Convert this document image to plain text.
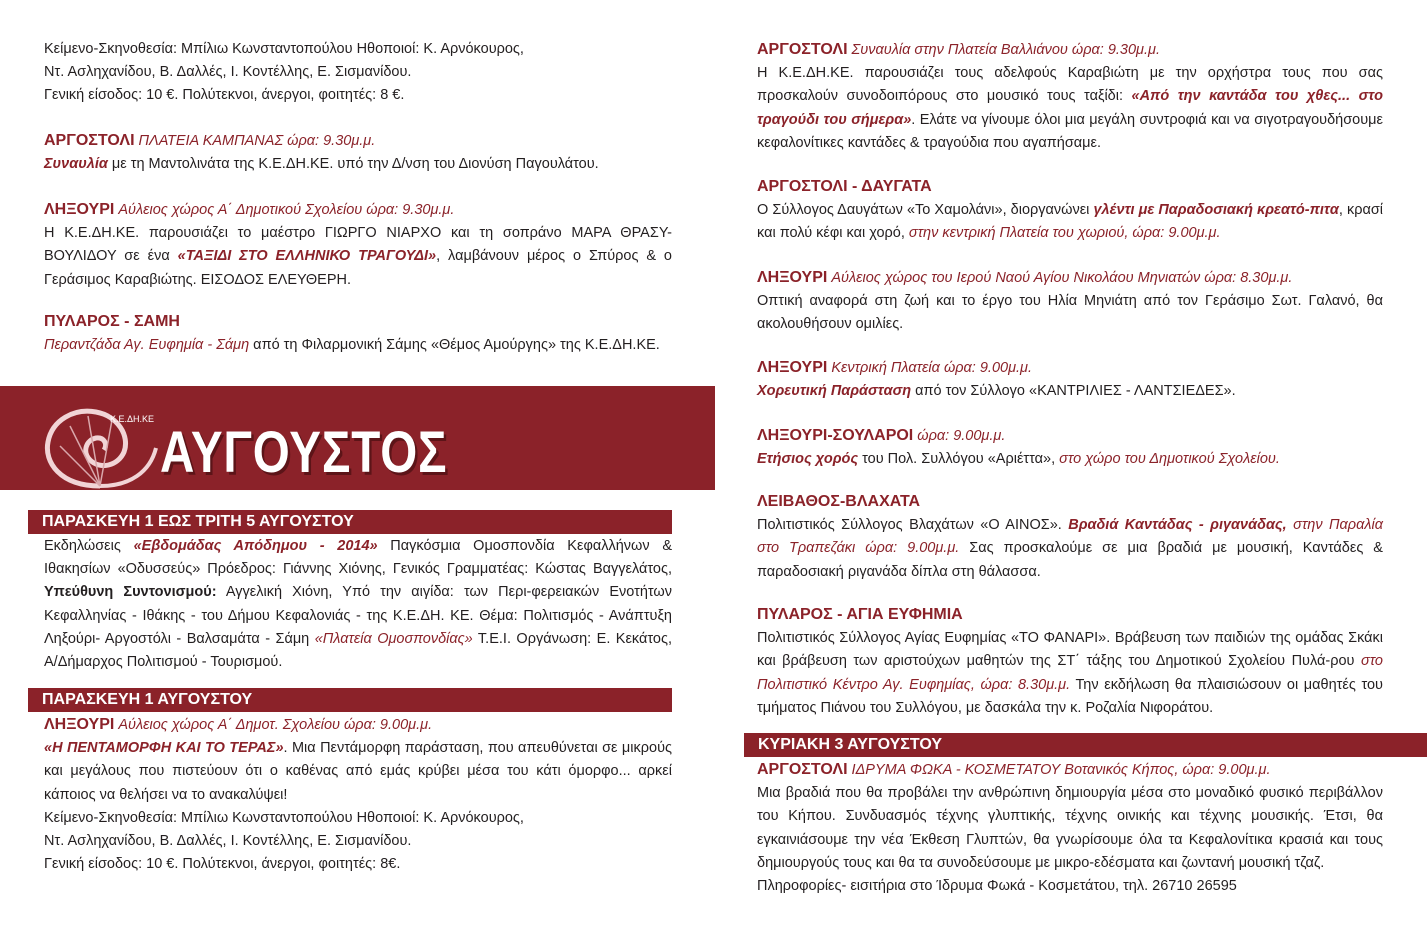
Κείμενο-Σκηνοθεσία: Μπίλιω Κωνσταντοπούλου Ηθοποιοί: Κ. Αρνόκουρος,
Ντ. Ασληχανίδου, Β. Δαλλές, Ι. Κοντέλλης, Ε. Σισμανίδου.
Γενική είσοδος: 10 €. Πολύτεκνοι, άνεργοι, φοιτητές: 8 €.
ΑΡΓΟΣΤΟΛΙ ΠΛΑΤΕΙΑ ΚΑΜΠΑΝΑΣ ώρα: 9.30μ.μ.
Συναυλία με τη Μαντολινάτα της Κ.Ε.ΔΗ.ΚΕ. υπό την Δ/νση του Διονύση Παγουλάτου.
ΛΗΞΟΥΡΙ Αύλειος χώρος Α΄ Δημοτικού Σχολείου ώρα: 9.30μ.μ.
Η Κ.Ε.ΔΗ.ΚΕ. παρουσιάζει το μαέστρο ΓΙΩΡΓΟ ΝΙΑΡΧΟ και τη σοπράνο ΜΑΡΑ ΘΡΑΣΥ-ΒΟΥΛΙΔΟΥ σε ένα «ΤΑΞΙΔΙ ΣΤΟ ΕΛΛΗΝΙΚΟ ΤΡΑΓΟΥΔΙ», λαμβάνουν μέρος ο Σπύρος & ο Γεράσιμος Καραβιώτης. ΕΙΣΟΔΟΣ ΕΛΕΥΘΕΡΗ.
ΠΥΛΑΡΟΣ - ΣΑΜΗ
Περαντζάδα Αγ. Ευφημία - Σάμη από τη Φιλαρμονική Σάμης «Θέμος Αμούργης» της Κ.Ε.ΔΗ.ΚΕ.
Κ.Ε.ΔΗ.ΚΕ
ΑΥΓΟΥΣΤΟΣ
ΠΑΡΑΣΚΕΥΗ 1 ΕΩΣ ΤΡΙΤΗ 5 ΑΥΓΟΥΣΤΟΥ
Εκδηλώσεις «Εβδομάδας Απόδημου - 2014» Παγκόσμια Ομοσπονδία Κεφαλλήνων & Ιθακησίων «Οδυσσεύς» Πρόεδρος: Γιάννης Χιόνης, Γενικός Γραμματέας: Κώστας Βαγγελάτος, Υπεύθυνη Συντονισμού: Αγγελική Χιόνη, Υπό την αιγίδα: των Περι-φερειακών Ενοτήτων Κεφαλληνίας - Ιθάκης - του Δήμου Κεφαλονιάς - της Κ.Ε.ΔΗ. ΚΕ. Θέμα: Πολιτισμός - Ανάπτυξη Ληξούρι- Αργοστόλι - Βαλσαμάτα - Σάμη «Πλατεία Ομοσπονδίας» Τ.Ε.Ι. Οργάνωση: Ε. Κεκάτος, Α/Δήμαρχος Πολιτισμού - Τουρισμού.
ΠΑΡΑΣΚΕΥΗ 1 ΑΥΓΟΥΣΤΟΥ
ΛΗΞΟΥΡΙ Αύλειος χώρος Α΄ Δημοτ. Σχολείου ώρα: 9.00μ.μ.
«Η ΠΕΝΤΑΜΟΡΦΗ ΚΑΙ ΤΟ ΤΕΡΑΣ». Μια Πεντάμορφη παράσταση, που απευθύνεται σε μικρούς και μεγάλους που πιστεύουν ότι ο καθένας από εμάς κρύβει μέσα του κάτι όμορφο... αρκεί κάποιος να θελήσει να το ανακαλύψει!
Κείμενο-Σκηνοθεσία: Μπίλιω Κωνσταντοπούλου Ηθοποιοί: Κ. Αρνόκουρος,
Ντ. Ασληχανίδου, Β. Δαλλές, Ι. Κοντέλλης, Ε. Σισμανίδου.
Γενική είσοδος: 10 €. Πολύτεκνοι, άνεργοι, φοιτητές: 8€.
ΑΡΓΟΣΤΟΛΙ Συναυλία στην Πλατεία Βαλλιάνου ώρα: 9.30μ.μ.
Η Κ.Ε.ΔΗ.ΚΕ. παρουσιάζει τους αδελφούς Καραβιώτη με την ορχήστρα τους που σας προσκαλούν συνοδοιπόρους στο μουσικό τους ταξίδι: «Από την καντάδα του χθες... στο τραγούδι του σήμερα». Ελάτε να γίνουμε όλοι μια μεγάλη συντροφιά και να σιγοτραγουδήσουμε κεφαλονίτικες καντάδες & τραγούδια που αγαπήσαμε.
ΑΡΓΟΣΤΟΛΙ - ΔΑΥΓΑΤΑ
Ο Σύλλογος Δαυγάτων «Το Χαμολάνι», διοργανώνει γλέντι με Παραδοσιακή κρεατό-πιτα, κρασί και πολύ κέφι και χορό, στην κεντρική Πλατεία του χωριού, ώρα: 9.00μ.μ.
ΛΗΞΟΥΡΙ Αύλειος χώρος του Ιερού Ναού Αγίου Νικολάου Μηνιατών ώρα: 8.30μ.μ.
Οπτική αναφορά στη ζωή και το έργο του Ηλία Μηνιάτη από τον Γεράσιμο Σωτ. Γαλανό, θα ακολουθήσουν ομιλίες.
ΛΗΞΟΥΡΙ Κεντρική Πλατεία ώρα: 9.00μ.μ.
Χορευτική Παράσταση από τον Σύλλογο «ΚΑΝΤΡΙΛΙΕΣ - ΛΑΝΤΣΙΕΔΕΣ».
ΛΗΞΟΥΡΙ-ΣΟΥΛΑΡΟΙ ώρα: 9.00μ.μ.
Ετήσιος χορός του Πολ. Συλλόγου «Αριέττα», στο χώρο του Δημοτικού Σχολείου.
ΛΕΙΒΑΘΟΣ-ΒΛΑΧΑΤΑ
Πολιτιστικός Σύλλογος Βλαχάτων «Ο ΑΙΝΟΣ». Βραδιά Καντάδας - ριγανάδας, στην Παραλία στο Τραπεζάκι ώρα: 9.00μ.μ. Σας προσκαλούμε σε μια βραδιά με μουσική, Καντάδες & παραδοσιακή ριγανάδα δίπλα στη θάλασσα.
ΠΥΛΑΡΟΣ - ΑΓΙΑ ΕΥΦΗΜΙΑ
Πολιτιστικός Σύλλογος Αγίας Ευφημίας «ΤΟ ΦΑΝΑΡΙ». Βράβευση των παιδιών της ομάδας Σκάκι και βράβευση των αριστούχων μαθητών της ΣΤ΄ τάξης του Δημοτικού Σχολείου Πυλά-ρου στο Πολιτιστικό Κέντρο Αγ. Ευφημίας, ώρα: 8.30μ.μ. Την εκδήλωση θα πλαισιώσουν οι μαθητές του τμήματος Πιάνου του Συλλόγου, με δασκάλα την κ. Ροζαλία Νιφοράτου.
ΚΥΡΙΑΚΗ 3 ΑΥΓΟΥΣΤΟΥ
ΑΡΓΟΣΤΟΛΙ ΙΔΡΥΜΑ ΦΩΚΑ - ΚΟΣΜΕΤΑΤΟΥ Βοτανικός Κήπος, ώρα: 9.00μ.μ.
Μια βραδιά που θα προβάλει την ανθρώπινη δημιουργία μέσα στο μοναδικό φυσικό περιβάλλον του Κήπου. Συνδυασμός τέχνης γλυπτικής, τέχνης οινικής και τέχνης μουσικής. Έτσι, θα εγκαινιάσουμε την νέα Έκθεση Γλυπτών, θα γνωρίσουμε όλα τα Κεφαλονίτικα κρασιά και τους δημιουργούς τους και θα τα συνοδεύσουμε με μικρο-εδέσματα και ζωντανή μουσική τζαζ.
Πληροφορίες- εισιτήρια στο Ίδρυμα Φωκά - Κοσμετάτου, τηλ. 26710 26595
